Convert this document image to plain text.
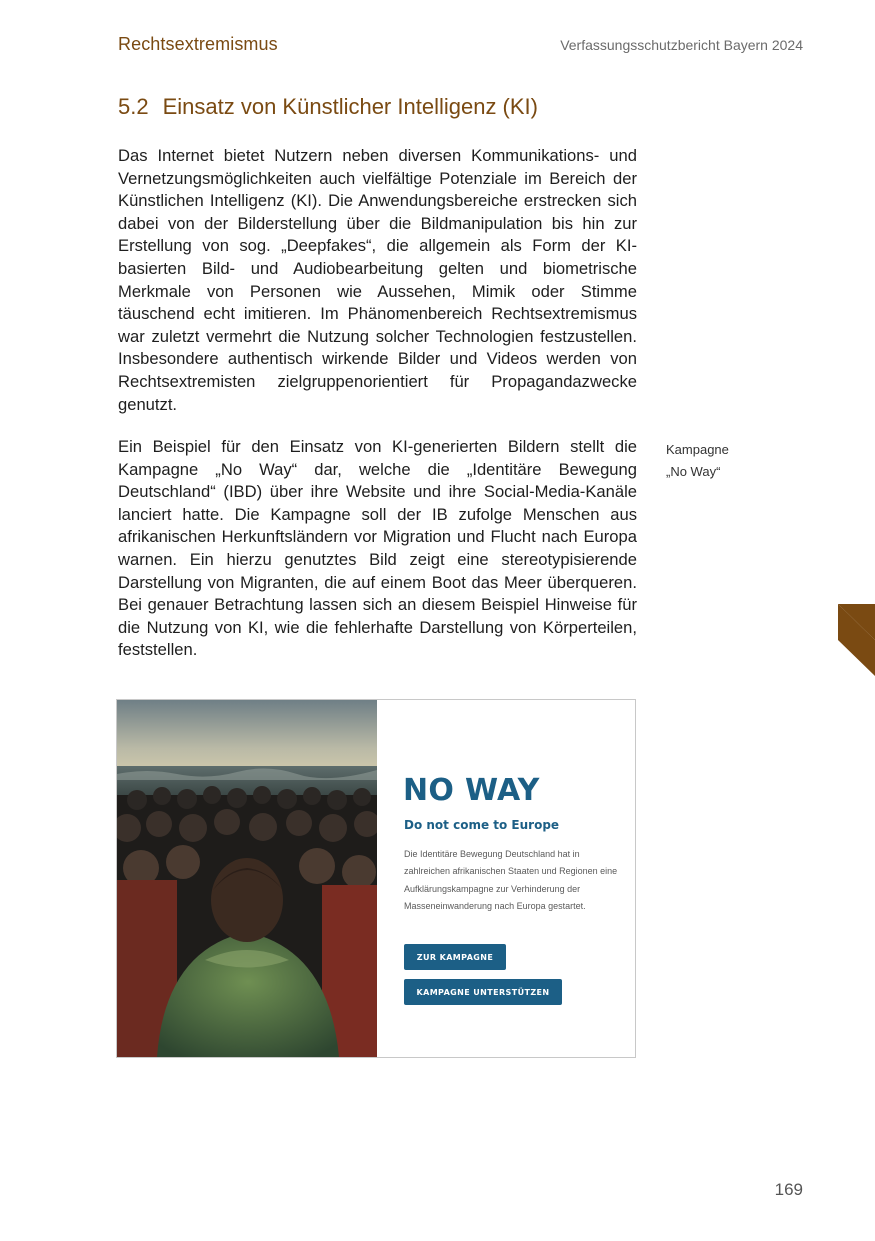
Rechtsextremismus	Verfassungsschutzbericht Bayern 2024
5.2 Einsatz von Künstlicher Intelligenz (KI)

Das Internet bietet Nutzern neben diversen Kommunikations- und Vernetzungsmöglichkeiten auch vielfältige Potenziale im Bereich der Künstlichen Intelligenz (KI). Die Anwendungsbereiche erstrecken sich dabei von der Bilderstellung über die Bildmanipulation bis hin zur Erstellung von sog. „Deepfakes“, die allgemein als Form der KI-basierten Bild- und Audiobearbeitung gelten und biometrische Merkmale von Personen wie Aussehen, Mimik oder Stimme täuschend echt imitieren. Im Phänomenbereich Rechtsextremismus war zuletzt vermehrt die Nutzung solcher Technologien festzustellen. Insbesondere authentisch wirkende Bilder und Videos werden von Rechtsextremisten zielgruppenorientiert für Propagandazwecke genutzt.

Ein Beispiel für den Einsatz von KI-generierten Bildern stellt die Kampagne „No Way“ dar, welche die „Identitäre Bewegung Deutschland“ (IBD) über ihre Website und ihre Social-Media-Kanäle lanciert hatte. Die Kampagne soll der IB zufolge Menschen aus afrikanischen Herkunftsländern vor Migration und Flucht nach Europa warnen. Ein hierzu genutztes Bild zeigt eine stereotypisierende Darstellung von Migranten, die auf einem Boot das Meer überqueren. Bei genauer Betrachtung lassen sich an diesem Beispiel Hinweise für die Nutzung von KI, wie die fehlerhafte Darstellung von Körperteilen, feststellen.

Kampagne
„No Way“
NO WAY
Do not come to Europe
Die Identitäre Bewegung Deutschland hat in zahlreichen afrikanischen Staaten und Regionen eine Aufklärungskampagne zur Verhinderung der Masseneinwanderung nach Europa gestartet.
ZUR KAMPAGNE
KAMPAGNE UNTERSTÜTZEN
169
